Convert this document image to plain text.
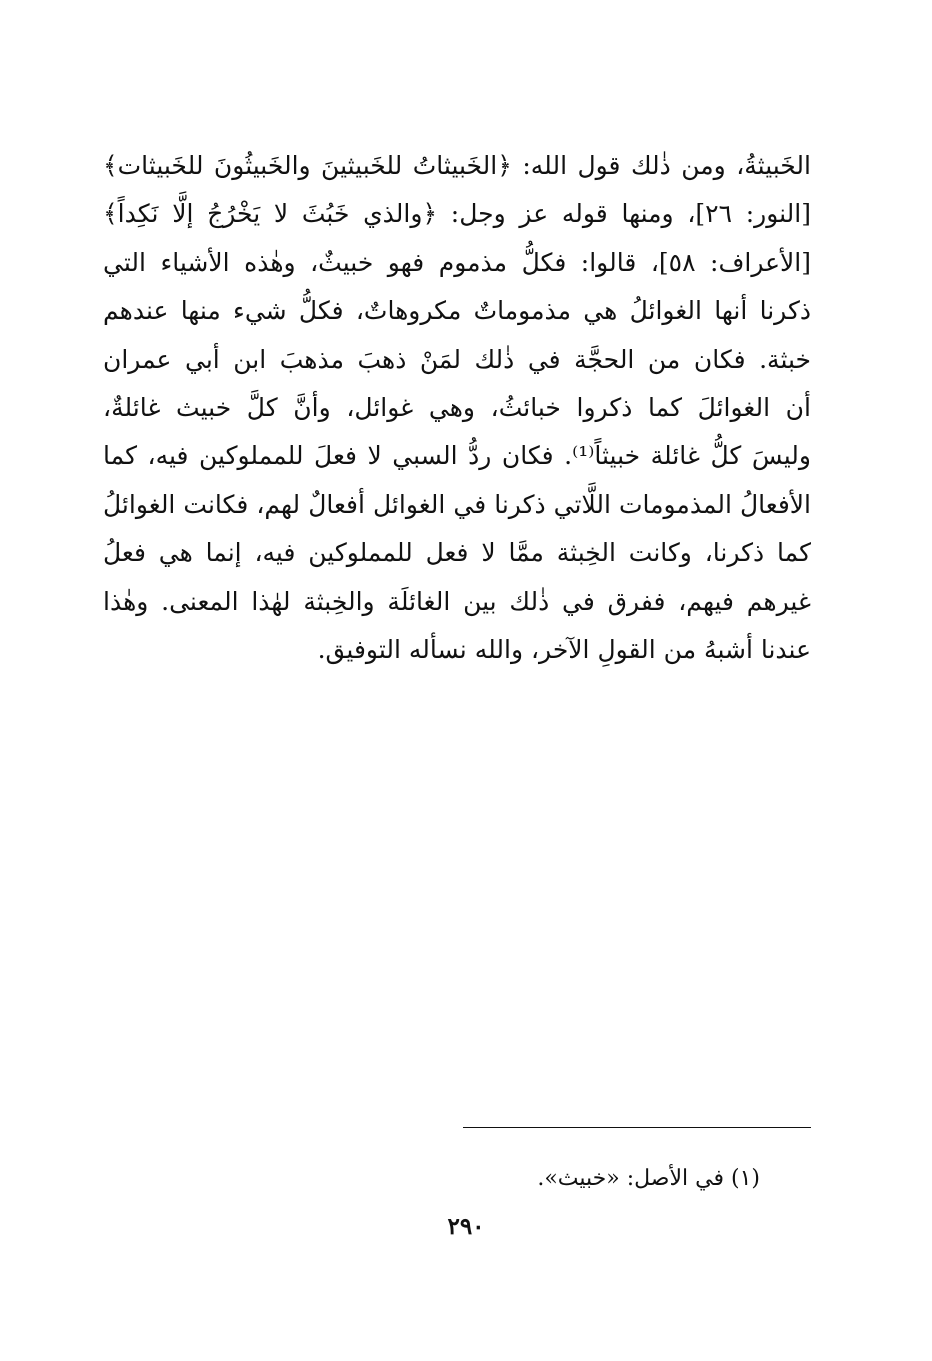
الخَبيثةُ، ومن ذٰلك قول الله: ﴿الخَبيثاتُ للخَبيثينَ والخَبيثُونَ للخَبيثات﴾
[النور: ٢٦]، ومنها قوله عز وجل: ﴿والذي خَبُثَ لا يَخْرُجُ إلَّا نَكِداً﴾
[الأعراف: ٥٨]، قالوا: فكلُّ مذموم فهو خبيثٌ، وهٰذه الأشياء التي
ذكرنا أنها الغوائلُ هي مذموماتٌ مكروهاتٌ، فكلُّ شيء منها عندهم
خبثة. فكان من الحجَّة في ذٰلك لمَنْ ذهبَ مذهبَ ابن أبي عمران
أن الغوائلَ كما ذكروا خبائثُ، وهي غوائل، وأنَّ كلَّ خبيث غائلةٌ،
وليسَ كلُّ غائلة خبيثاً⁽¹⁾. فكان ردُّ السبي لا فعلَ للمملوكين فيه، كما
الأفعالُ المذمومات اللَّاتي ذكرنا في الغوائل أفعالٌ لهم، فكانت الغوائلُ
كما ذكرنا، وكانت الخِبثة ممَّا لا فعل للمملوكين فيه، إنما هي فعلُ
غيرهم فيهم، ففرق في ذٰلك بين الغائلَة والخِبثة لهٰذا المعنى. وهٰذا
عندنا أشبهُ من القولِ الآخر، والله نسأله التوفيق.
(١) في الأصل: «خبيث».
٢٩٠
